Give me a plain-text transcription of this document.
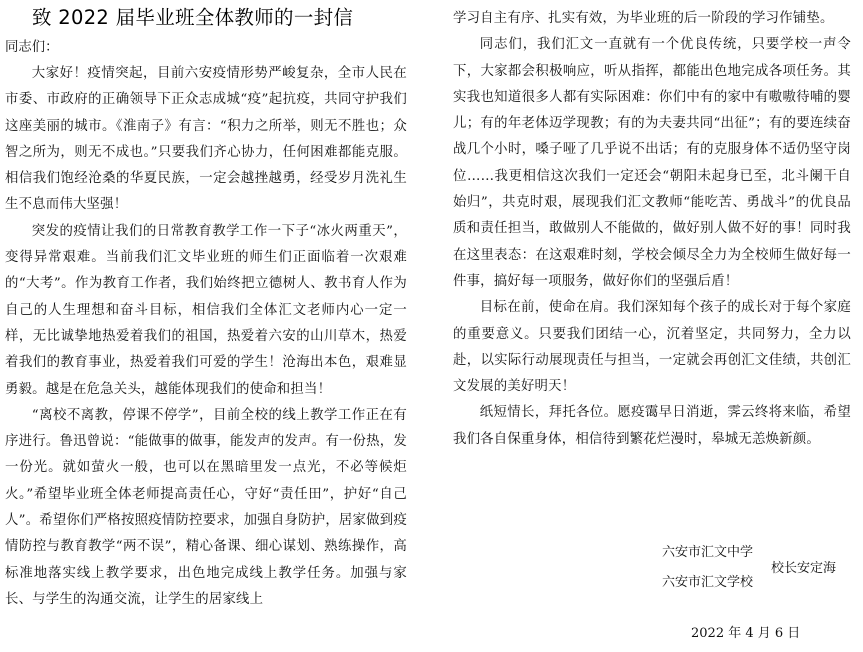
致 2022 届毕业班全体教师的一封信
同志们：

大家好！疫情突起，目前六安疫情形势严峻复杂，全市人民在市委、市政府的正确领导下正众志成城“疫”起抗疫，共同守护我们这座美丽的城市。《淮南子》有言：“积力之所举，则无不胜也；众智之所为，则无不成也。”只要我们齐心协力，任何困难都能克服。相信我们饱经沧桑的华夏民族，一定会越挫越勇，经受岁月洗礼生生不息而伟大坚强！

突发的疫情让我们的日常教育教学工作一下子“冰火两重天”，变得异常艰难。当前我们汇文毕业班的师生们正面临着一次艰难的“大考”。作为教育工作者，我们始终把立德树人、教书育人作为自己的人生理想和奋斗目标，相信我们全体汇文老师内心一定一样，无比诚挚地热爱着我们的祖国，热爱着六安的山川草木，热爱着我们的教育事业，热爱着我们可爱的学生！沧海出本色，艰难显勇毅。越是在危急关头，越能体现我们的使命和担当！

“离校不离教，停课不停学”，目前全校的线上教学工作正在有序进行。鲁迅曾说：“能做事的做事，能发声的发声。有一份热，发一份光。就如萤火一般，也可以在黑暗里发一点光，不必等候炬火。”希望毕业班全体老师提高责任心，守好“责任田”，护好“自己人”。希望你们严格按照疫情防控要求，加强自身防护，居家做到疫情防控与教育教学“两不误”，精心备课、细心谋划、熟练操作，高标准地落实线上教学要求，出色地完成线上教学任务。加强与家长、与学生的沟通交流，让学生的居家线上

学习自主有序、扎实有效，为毕业班的后一阶段的学习作铺垫。

同志们，我们汇文一直就有一个优良传统，只要学校一声令下，大家都会积极响应，听从指挥，都能出色地完成各项任务。其实我也知道很多人都有实际困难：你们中有的家中有嗷嗷待哺的婴儿；有的年老体迈学现教；有的为夫妻共同“出征”；有的要连续奋战几个小时，嗓子哑了几乎说不出话；有的克服身体不适仍坚守岗位……我更相信这次我们一定还会“朝阳未起身已至，北斗阑干自始归”，共克时艰，展现我们汇文教师“能吃苦、勇战斗”的优良品质和责任担当，敢做别人不能做的，做好别人做不好的事！同时我在这里表态：在这艰难时刻，学校会倾尽全力为全校师生做好每一件事，搞好每一项服务，做好你们的坚强后盾！

目标在前，使命在肩。我们深知每个孩子的成长对于每个家庭的重要意义。只要我们团结一心，沉着坚定，共同努力，全力以赴，以实际行动展现责任与担当，一定就会再创汇文佳绩，共创汇文发展的美好明天！

纸短情长，拜托各位。愿疫霭早日消逝，霁云终将来临，希望我们各自保重身体，相信待到繁花烂漫时，皋城无恙焕新颜。

六安市汇文中学
六安市汇文学校
校长安定海
2022 年 4 月 6 日
